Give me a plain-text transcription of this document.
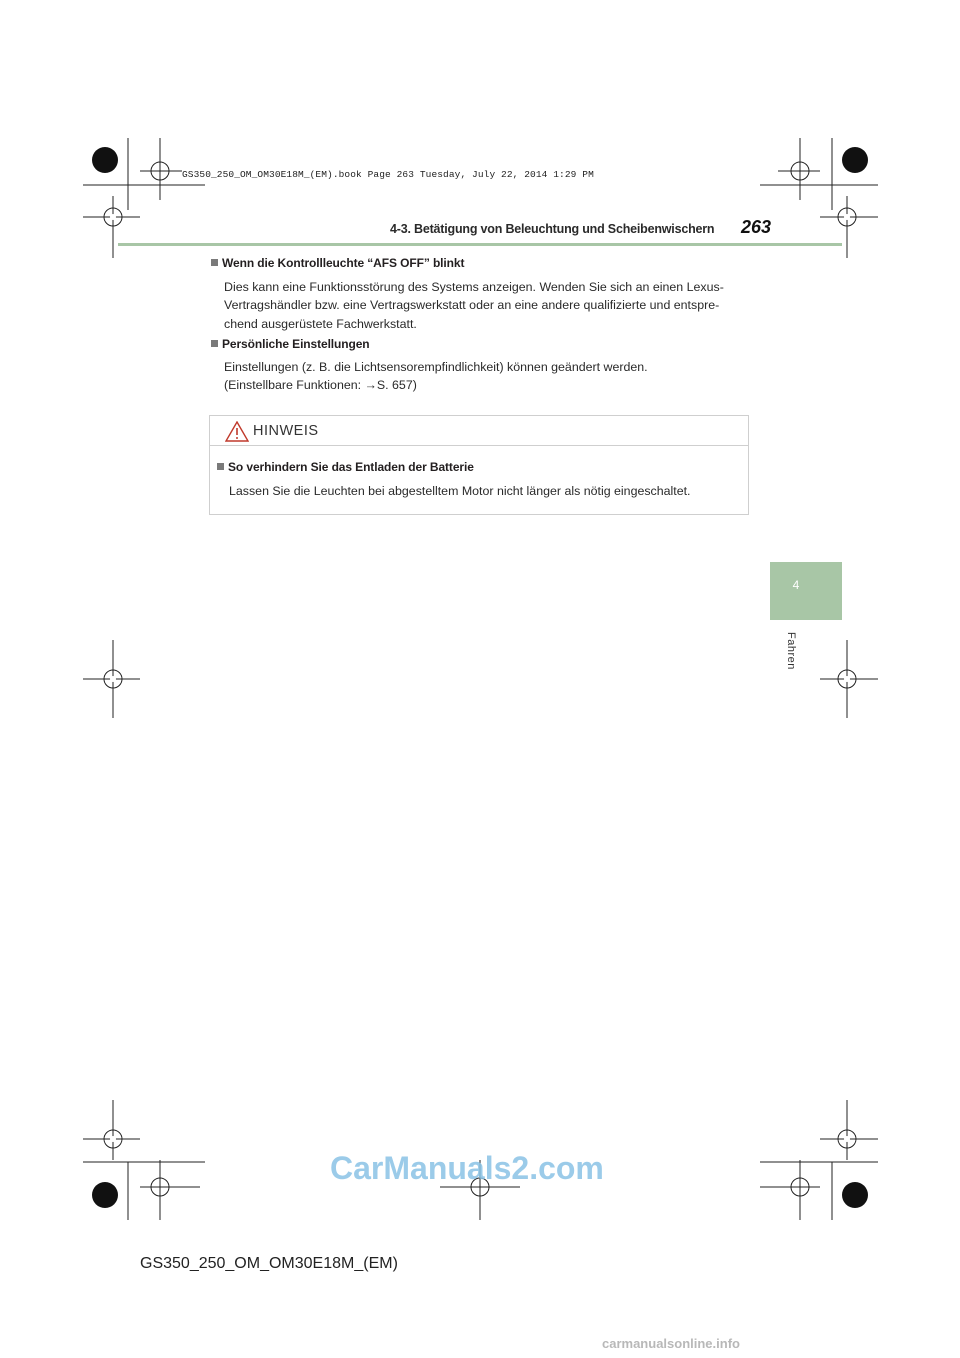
GS350_250_OM_OM30E18M_(EM).book Page 263 Tuesday, July 22, 2014 1:29 PM
4-3. Betätigung von Beleuchtung und Scheibenwischern 263
4
Fahren
Wenn die Kontrollleuchte “AFS OFF” blinkt
Dies kann eine Funktionsstörung des Systems anzeigen. Wenden Sie sich an einen Lexus-
Vertragshändler bzw. eine Vertragswerkstatt oder an eine andere qualifizierte und entspre-
chend ausgerüstete Fachwerkstatt.
Persönliche Einstellungen
Einstellungen (z. B. die Lichtsensorempfindlichkeit) können geändert werden.
(Einstellbare Funktionen: →S. 657)
HINWEIS
So verhindern Sie das Entladen der Batterie
Lassen Sie die Leuchten bei abgestelltem Motor nicht länger als nötig eingeschaltet.
CarManuals2.com
GS350_250_OM_OM30E18M_(EM)
carmanualsonline.info
